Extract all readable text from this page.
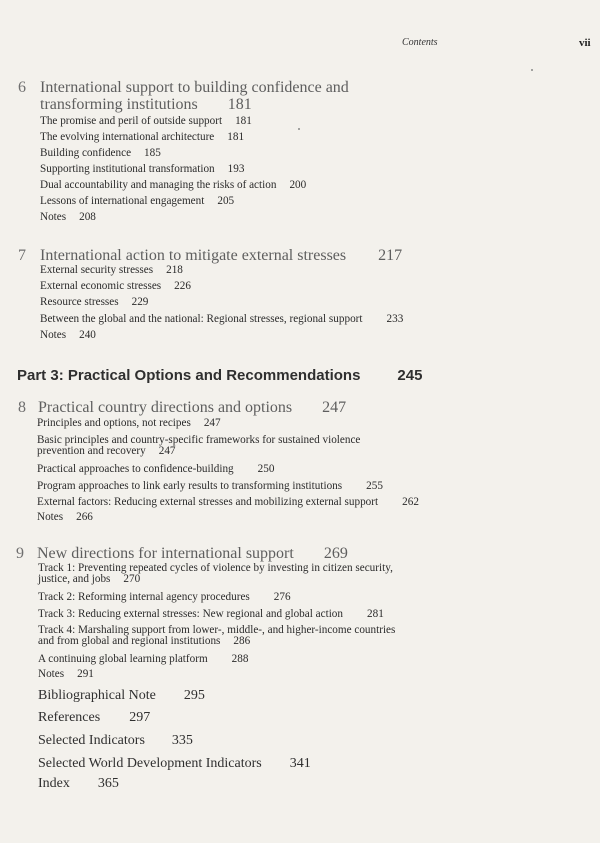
Contents	vii
6 International support to building confidence and
transforming institutions 181
The promise and peril of outside support 181
The evolving international architecture 181
Building confidence 185
Supporting institutional transformation 193
Dual accountability and managing the risks of action 200
Lessons of international engagement 205
Notes 208
7 International action to mitigate external stresses 217
External security stresses 218
External economic stresses 226
Resource stresses 229
Between the global and the national: Regional stresses, regional support 233
Notes 240
Part 3: Practical Options and Recommendations 245
8 Practical country directions and options 247
Principles and options, not recipes 247
Basic principles and country-specific frameworks for sustained violence
prevention and recovery 247
Practical approaches to confidence-building 250
Program approaches to link early results to transforming institutions 255
External factors: Reducing external stresses and mobilizing external support 262
Notes 266
9 New directions for international support 269
Track 1: Preventing repeated cycles of violence by investing in citizen security,
justice, and jobs 270
Track 2: Reforming internal agency procedures 276
Track 3: Reducing external stresses: New regional and global action 281
Track 4: Marshaling support from lower-, middle-, and higher-income countries
and from global and regional institutions 286
A continuing global learning platform 288
Notes 291
Bibliographical Note 295
References 297
Selected Indicators 335
Selected World Development Indicators 341
Index 365
